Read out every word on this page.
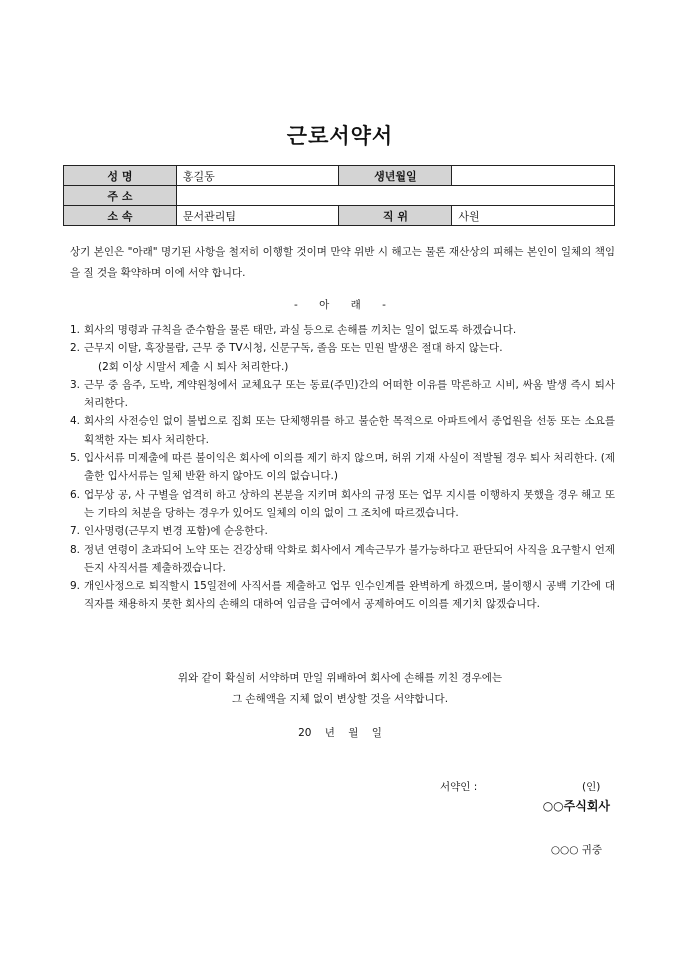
근로서약서
성 명	홍길동	생년월일	
주 소			
소 속	문서관리팀	직 위	사원
상기 본인은 "아래" 명기된 사항을 철저히 이행할 것이며 만약 위반 시 해고는 물론 재산상의 피해는 본인이 일체의 책임을 질 것을 확약하며 이에 서약 합니다.
- 아 래 -
1. 회사의 명령과 규칙을 준수함을 물론 태만, 과실 등으로 손해를 끼치는 일이 없도록 하겠습니다.
2. 근무지 이탈, 흑장물람, 근무 중 TV시청, 신문구독, 졸음 또는 민원 발생은 절대 하지 않는다.
(2회 이상 시말서 제출 시 퇴사 처리한다.)
3. 근무 중 음주, 도박, 계약원청에서 교체요구 또는 동료(주민)간의 어떠한 이유를 막론하고 시비, 싸움 발생 즉시 퇴사 처리한다.
4. 회사의 사전승인 없이 불법으로 집회 또는 단체행위를 하고 불순한 목적으로 아파트에서 종업원을 선동 또는 소요를 획책한 자는 퇴사 처리한다.
5. 입사서류 미제출에 따른 불이익은 회사에 이의를 제기 하지 않으며, 허위 기재 사실이 적발될 경우 퇴사 처리한다. (제출한 입사서류는 일체 반환 하지 않아도 이의 없습니다.)
6. 업무상 공, 사 구별을 엄격히 하고 상하의 본분을 지키며 회사의 규정 또는 업무 지시를 이행하지 못했을 경우 해고 또는 기타의 처분을 당하는 경우가 있어도 일체의 이의 없이 그 조치에 따르겠습니다.
7. 인사명령(근무지 변경 포함)에 순응한다.
8. 정년 연령이 초과되어 노약 또는 건강상태 악화로 회사에서 계속근무가 불가능하다고 판단되어 사직을 요구할시 언제든지 사직서를 제출하겠습니다.
9. 개인사정으로 퇴직할시 15일전에 사직서를 제출하고 업무 인수인계를 완벽하게 하겠으며, 불이행시 공백 기간에 대직자를 채용하지 못한 회사의 손해의 대하여 임금을 급여에서 공제하여도 이의를 제기치 않겠습니다.
위와 같이 확실히 서약하며 만일 위배하여 회사에 손해를 끼친 경우에는
그 손해액을 지체 없이 변상할 것을 서약합니다.
20 년 월 일
서약인 :	(인)
○○주식회사
○○○ 귀중
